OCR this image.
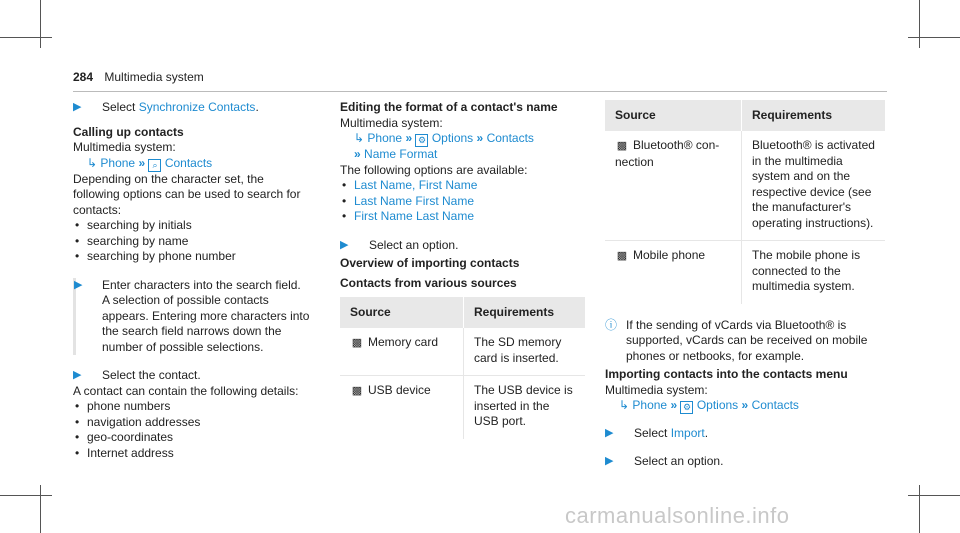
284 Multimedia system

▶ Select Synchronize Contacts.

Calling up contacts

Multimedia system:

↳ Phone » ⌕ Contacts

Depending on the character set, the following options can be used to search for contacts:

• searching by initials

• searching by name

• searching by phone number

▶ Enter characters into the search field.

A selection of possible contacts appears. Entering more characters into the search field narrows down the number of possible selections.

▶ Select the contact.

A contact can contain the following details:

• phone numbers

• navigation addresses

• geo-coordinates

• Internet address

Editing the format of a contact's name

Multimedia system:

↳ Phone » ⚙ Options » Contacts

» Name Format

The following options are available:

• Last Name, First Name

• Last Name First Name

• First Name Last Name

▶ Select an option.

Overview of importing contacts

Contacts from various sources

Source	Requirements
▩ Memory card	The SD memory card is inserted.
▩ USB device	The USB device is inserted in the USB port.
Source	Requirements
▩ Bluetooth® con-
nection	Bluetooth® is activated in the multimedia system and on the respective device (see the manufacturer's operating instructions).
▩ Mobile phone	The mobile phone is connected to the multimedia system.

ⓘ If the sending of vCards via Bluetooth® is supported, vCards can be received on mobile phones or netbooks, for example.

Importing contacts into the contacts menu

Multimedia system:

↳ Phone » ⚙ Options » Contacts

▶ Select Import.

▶ Select an option.

carmanualsonline.info
